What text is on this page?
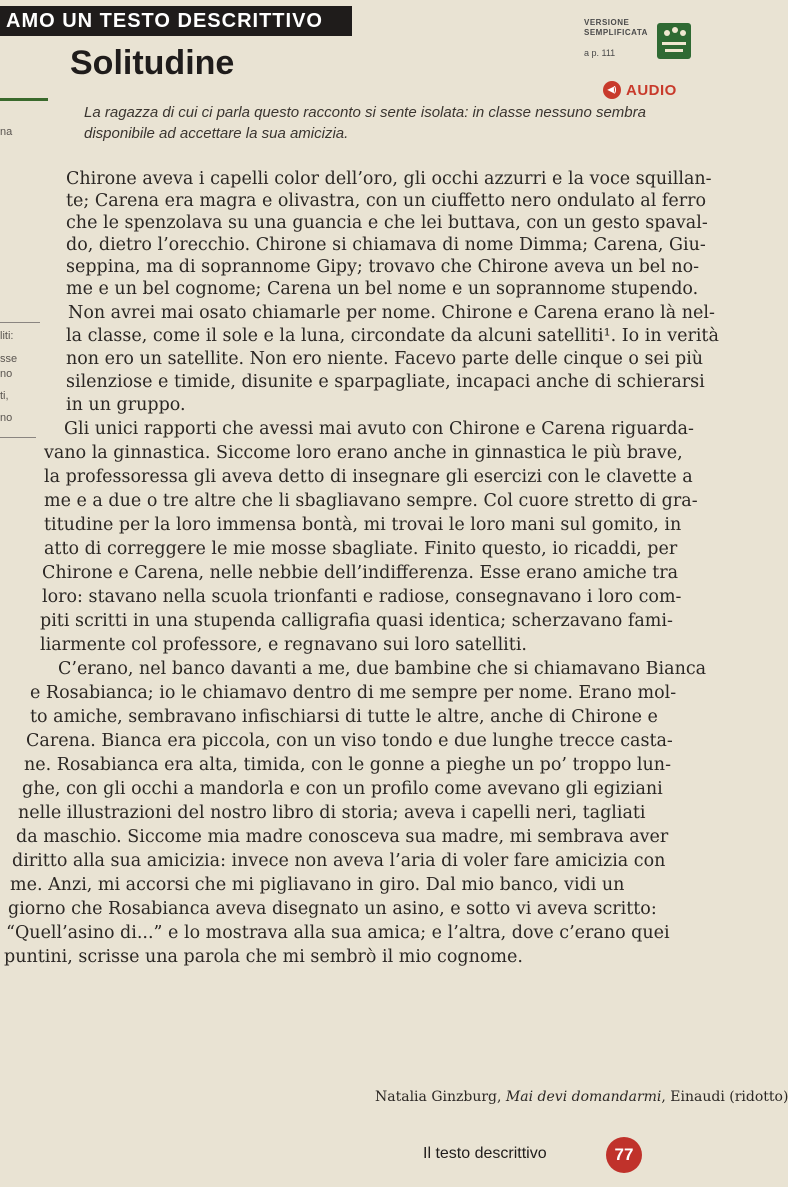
AMO UN TESTO DESCRITTIVO
Solitudine
VERSIONE
SEMPLIFICATA
a p. 111
◀) AUDIO

La ragazza di cui ci parla questo racconto si sente isolata: in classe nessuno sembra disponibile ad accettare la sua amicizia.

na
liti:
sse
no
ti,
no
Chirone aveva i capelli color dell’oro, gli occhi azzurri e la voce squillan-
te; Carena era magra e olivastra, con un ciuffetto nero ondulato al ferro
che le spenzolava su una guancia e che lei buttava, con un gesto spaval-
do, dietro l’orecchio. Chirone si chiamava di nome Dimma; Carena, Giu-
seppina, ma di soprannome Gipy; trovavo che Chirone aveva un bel no-
me e un bel cognome; Carena un bel nome e un soprannome stupendo.
Non avrei mai osato chiamarle per nome. Chirone e Carena erano là nel-
la classe, come il sole e la luna, circondate da alcuni satelliti¹. Io in verità
non ero un satellite. Non ero niente. Facevo parte delle cinque o sei più
silenziose e timide, disunite e sparpagliate, incapaci anche di schierarsi
in un gruppo.
Gli unici rapporti che avessi mai avuto con Chirone e Carena riguarda-
vano la ginnastica. Siccome loro erano anche in ginnastica le più brave,
la professoressa gli aveva detto di insegnare gli esercizi con le clavette a
me e a due o tre altre che li sbagliavano sempre. Col cuore stretto di gra-
titudine per la loro immensa bontà, mi trovai le loro mani sul gomito, in
atto di correggere le mie mosse sbagliate. Finito questo, io ricaddi, per
Chirone e Carena, nelle nebbie dell’indifferenza. Esse erano amiche tra
loro: stavano nella scuola trionfanti e radiose, consegnavano i loro com-
piti scritti in una stupenda calligrafia quasi identica; scherzavano fami-
liarmente col professore, e regnavano sui loro satelliti.
C’erano, nel banco davanti a me, due bambine che si chiamavano Bianca
e Rosabianca; io le chiamavo dentro di me sempre per nome. Erano mol-
to amiche, sembravano infischiarsi di tutte le altre, anche di Chirone e
Carena. Bianca era piccola, con un viso tondo e due lunghe trecce casta-
ne. Rosabianca era alta, timida, con le gonne a pieghe un po’ troppo lun-
ghe, con gli occhi a mandorla e con un profilo come avevano gli egiziani
nelle illustrazioni del nostro libro di storia; aveva i capelli neri, tagliati
da maschio. Siccome mia madre conosceva sua madre, mi sembrava aver
diritto alla sua amicizia: invece non aveva l’aria di voler fare amicizia con
me. Anzi, mi accorsi che mi pigliavano in giro. Dal mio banco, vidi un
giorno che Rosabianca aveva disegnato un asino, e sotto vi aveva scritto:
“Quell’asino di...” e lo mostrava alla sua amica; e l’altra, dove c’erano quei
puntini, scrisse una parola che mi sembrò il mio cognome.
Natalia Ginzburg, Mai devi domandarmi, Einaudi (ridotto)
Il testo descrittivo	77
